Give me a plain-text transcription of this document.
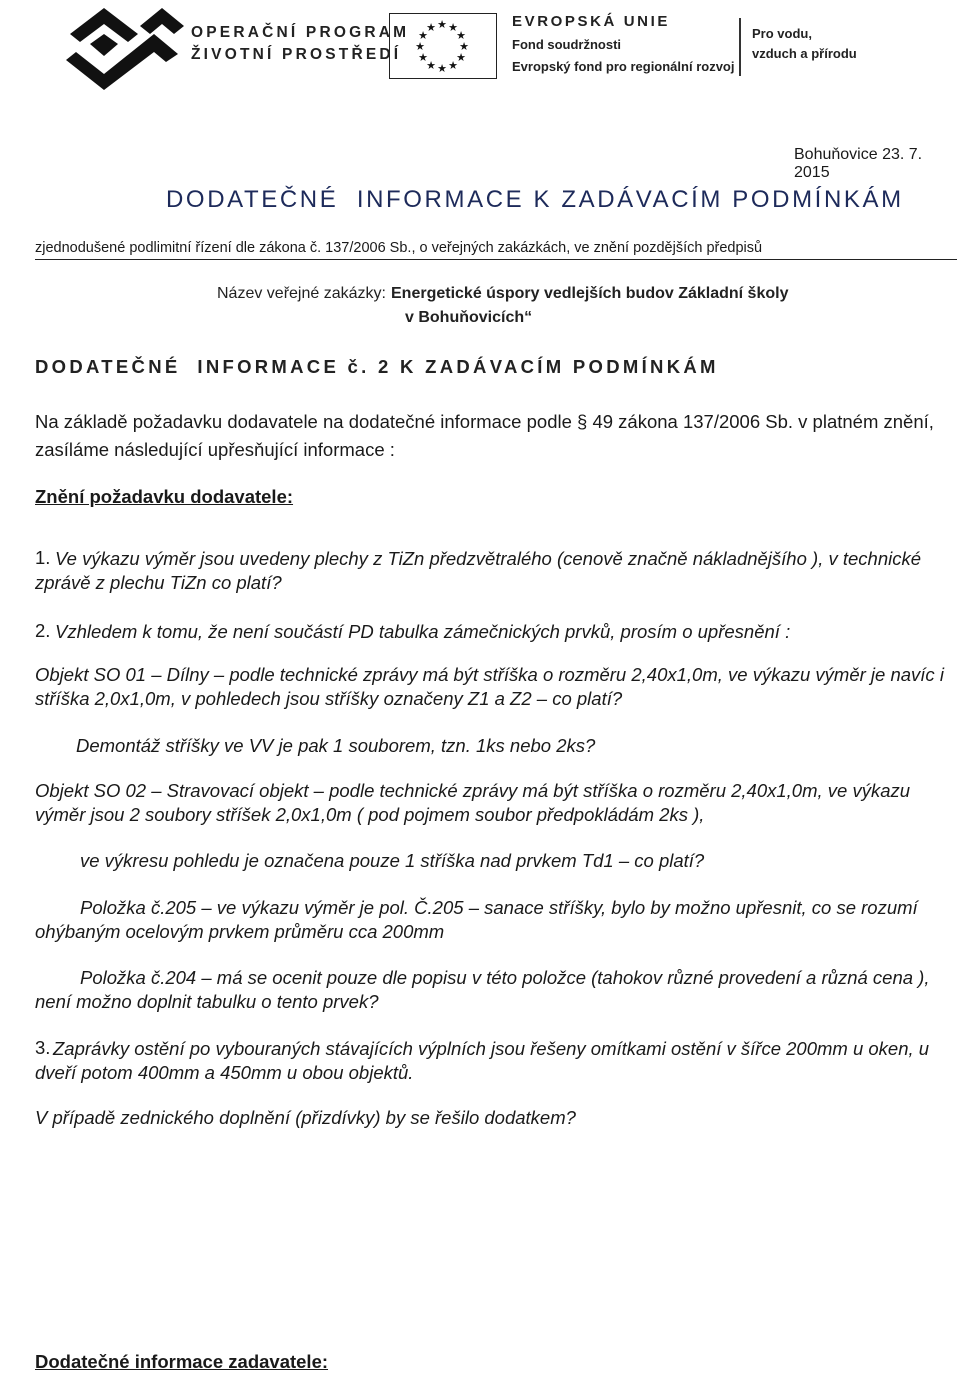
OPERAČNÍ PROGRAM
ŽIVOTNÍ PROSTŘEDÍ
★ ★
★
★
★
★
★
★
★
★
★
★	EVROPSKÁ UNIE
Fond soudržnosti
Evropský fond pro regionální rozvoj
Pro vodu,
vzduch a přírodu
Bohuňovice 23. 7. 2015
DODATEČNÉ  INFORMACE K ZADÁVACÍM PODMÍNKÁM
zjednodušené podlimitní řízení dle zákona č. 137/2006 Sb., o veřejných zakázkách, ve znění pozdějších předpisů
Název veřejné zakázky: Energetické úspory vedlejších budov Základní školy
v Bohuňovicích“
DODATEČNÉ  INFORMACE č. 2 K ZADÁVACÍM PODMÍNKÁM
Na základě požadavku dodavatele na dodatečné informace podle § 49 zákona 137/2006 Sb. v platném znění, zasíláme následující upřesňující informace :
Znění požadavku dodavatele:
1. Ve výkazu výměr jsou uvedeny plechy z TiZn předzvětralého (cenově značně nákladnějšího ), v technické zprávě z plechu TiZn co platí?
2. Vzhledem k tomu, že není součástí PD tabulka zámečnických prvků, prosím o upřesnění :
Objekt SO 01 – Dílny – podle technické zprávy má být stříška o rozměru 2,40x1,0m, ve výkazu výměr je navíc i stříška 2,0x1,0m, v pohledech jsou stříšky označeny Z1 a Z2 – co platí?
Demontáž stříšky ve VV je pak 1 souborem, tzn. 1ks nebo 2ks?
Objekt SO 02 – Stravovací objekt – podle technické zprávy má být stříška o rozměru 2,40x1,0m, ve výkazu výměr jsou 2 soubory stříšek 2,0x1,0m ( pod pojmem soubor předpokládám 2ks ),
ve výkresu pohledu je označena pouze 1 stříška nad prvkem Td1 – co platí?
Položka č.205 – ve výkazu výměr je pol. Č.205 – sanace stříšky, bylo by možno upřesnit, co se rozumí ohýbaným ocelovým prvkem průměru cca 200mm
Položka č.204 – má se ocenit pouze dle popisu v této položce (tahokov různé provedení a různá cena ), není možno doplnit tabulku o tento prvek?
3. Zaprávky ostění po vybouraných stávajících výplních jsou řešeny omítkami ostění v šířce 200mm u oken, u dveří potom 400mm a 450mm u obou objektů.
V případě zednického doplnění (přizdívky) by se řešilo dodatkem?
Dodatečné informace zadavatele:
